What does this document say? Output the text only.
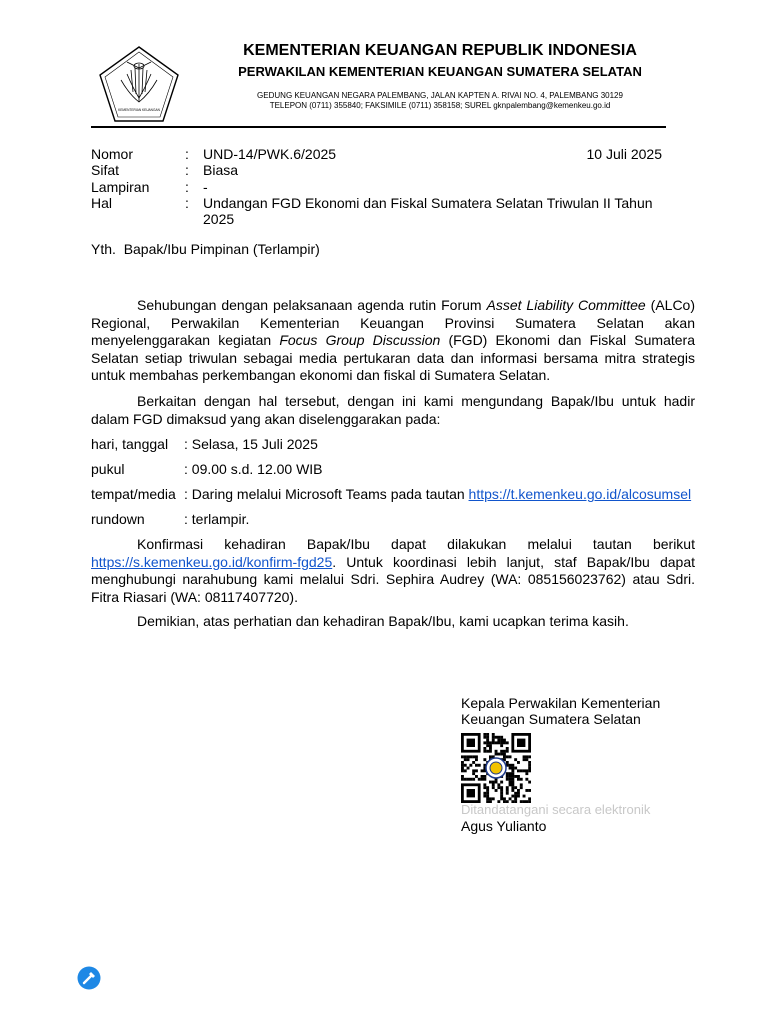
KEMENTERIAN KEUANGAN
KEMENTERIAN KEUANGAN REPUBLIK INDONESIA
PERWAKILAN KEMENTERIAN KEUANGAN SUMATERA SELATAN
GEDUNG KEUANGAN NEGARA PALEMBANG, JALAN KAPTEN A. RIVAI NO. 4, PALEMBANG 30129
TELEPON (0711) 355840; FAKSIMILE (0711) 358158; SUREL gknpalembang@kemenkeu.go.id
10 Juli 2025
Nomor	: UND-14/PWK.6/2025
Sifat	: Biasa
Lampiran	: -
Hal	: Undangan FGD Ekonomi dan Fiskal Sumatera Selatan Triwulan II Tahun 2025
Yth. Bapak/Ibu Pimpinan (Terlampir)
Sehubungan dengan pelaksanaan agenda rutin Forum Asset Liability Committee (ALCo) Regional, Perwakilan Kementerian Keuangan Provinsi Sumatera Selatan akan menyelenggarakan kegiatan Focus Group Discussion (FGD) Ekonomi dan Fiskal Sumatera Selatan setiap triwulan sebagai media pertukaran data dan informasi bersama mitra strategis untuk membahas perkembangan ekonomi dan fiskal di Sumatera Selatan.
Berkaitan dengan hal tersebut, dengan ini kami mengundang Bapak/Ibu untuk hadir dalam FGD dimaksud yang akan diselenggarakan pada:
hari, tanggal : Selasa, 15 Juli 2025
pukul	: 09.00 s.d. 12.00 WIB
tempat/media : Daring melalui Microsoft Teams pada tautan https://t.kemenkeu.go.id/alcosumsel
rundown	: terlampir.
Konfirmasi kehadiran Bapak/Ibu dapat dilakukan melalui tautan berikut https://s.kemenkeu.go.id/konfirm-fgd25. Untuk koordinasi lebih lanjut, staf Bapak/Ibu dapat menghubungi narahubung kami melalui Sdri. Sephira Audrey (WA: 085156023762) atau Sdri. Fitra Riasari (WA: 08117407720).
Demikian, atas perhatian dan kehadiran Bapak/Ibu, kami ucapkan terima kasih.
Kepala Perwakilan Kementerian
Keuangan Sumatera Selatan
Ditandatangani secara elektronik
Agus Yulianto
